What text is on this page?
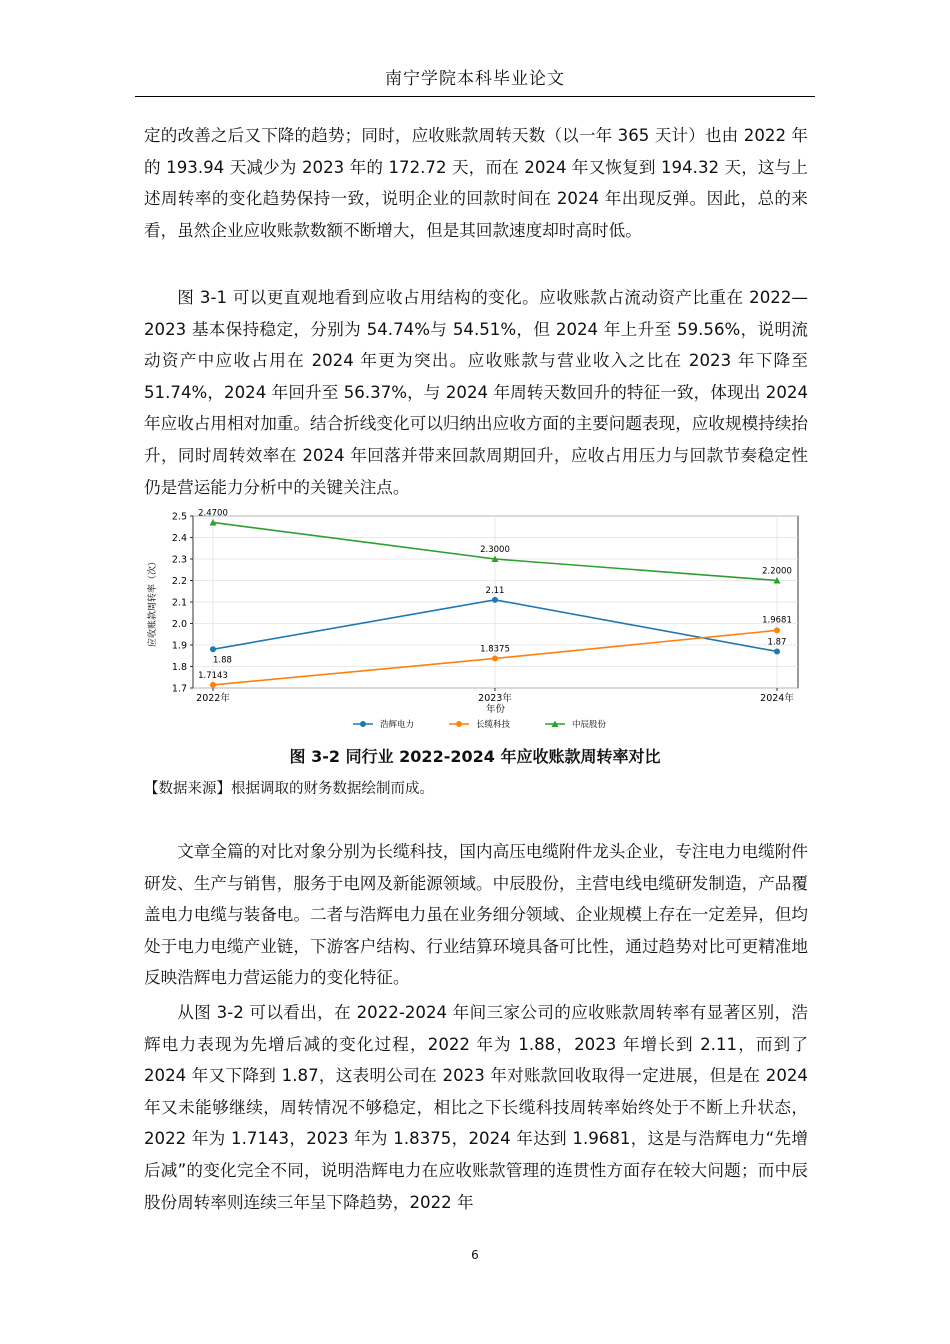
南宁学院本科毕业论文

定的改善之后又下降的趋势；同时，应收账款周转天数（以一年 365 天计）也由 2022 年的 193.94 天减少为 2023 年的 172.72 天，而在 2024 年又恢复到 194.32 天，这与上述周转率的变化趋势保持一致，说明企业的回款时间在 2024 年出现反弹。因此，总的来看，虽然企业应收账款数额不断增大，但是其回款速度却时高时低。

图 3-1 可以更直观地看到应收占用结构的变化。应收账款占流动资产比重在 2022—2023 基本保持稳定，分别为 54.74%与 54.51%，但 2024 年上升至 59.56%，说明流动资产中应收占用在 2024 年更为突出。应收账款与营业收入之比在 2023 年下降至 51.74%，2024 年回升至 56.37%，与 2024 年周转天数回升的特征一致，体现出 2024 年应收占用相对加重。结合折线变化可以归纳出应收方面的主要问题表现，应收规模持续抬升，同时周转效率在 2024 年回落并带来回款周期回升，应收占用压力与回款节奏稳定性仍是营运能力分析中的关键关注点。

1.7
1.8
1.9
2.0
2.1
2.2
2.3
2.4
2.5
2022年	2023年	2024年
年份
应收账款周转率（次）
1.88
2.11
1.87
1.7143
1.8375
1.9681
2.4700
2.3000
2.2000
浩辉电力	长缆科技	中辰股份
图 3-2 同行业 2022-2024 年应收账款周转率对比
【数据来源】根据调取的财务数据绘制而成。

文章全篇的对比对象分别为长缆科技，国内高压电缆附件龙头企业，专注电力电缆附件研发、生产与销售，服务于电网及新能源领域。中辰股份，主营电线电缆研发制造，产品覆盖电力电缆与装备电。二者与浩辉电力虽在业务细分领域、企业规模上存在一定差异，但均处于电力电缆产业链，下游客户结构、行业结算环境具备可比性，通过趋势对比可更精准地反映浩辉电力营运能力的变化特征。

从图 3-2 可以看出，在 2022-2024 年间三家公司的应收账款周转率有显著区别，浩辉电力表现为先增后减的变化过程，2022 年为 1.88，2023 年增长到 2.11，而到了 2024 年又下降到 1.87，这表明公司在 2023 年对账款回收取得一定进展，但是在 2024 年又未能够继续，周转情况不够稳定，相比之下长缆科技周转率始终处于不断上升状态，2022 年为 1.7143，2023 年为 1.8375，2024 年达到 1.9681，这是与浩辉电力“先增后减”的变化完全不同，说明浩辉电力在应收账款管理的连贯性方面存在较大问题；而中辰股份周转率则连续三年呈下降趋势，2022 年

6
